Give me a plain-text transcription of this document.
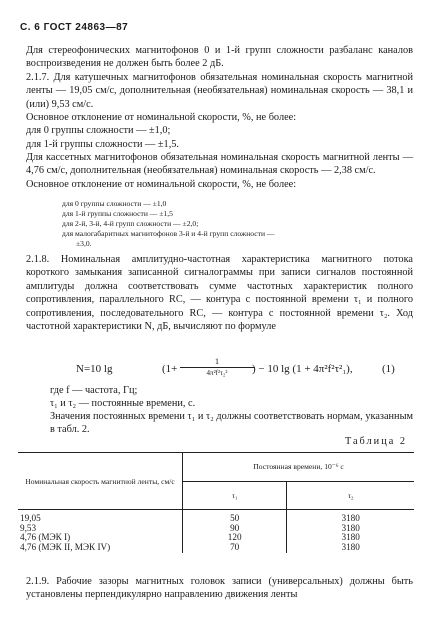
С. 6 ГОСТ 24863—87
Для стереофонических магнитофонов 0 и 1-й групп сложности разбаланс каналов воспроизведения не должен быть более 2 дБ.
2.1.7. Для катушечных магнитофонов обязательная номинальная скорость магнитной ленты — 19,05 см/с, дополнительная (необязательная) номинальная скорость — 38,1 и (или) 9,53 см/с.
Основное отклонение от номинальной скорости, %, не более:
для 0 группы сложности — ±1,0;
для 1-й группы сложности — ±1,5.
Для кассетных магнитофонов обязательная номинальная скорость магнитной ленты — 4,76 см/с, дополнительная (необязательная) номинальная скорость — 2,38 см/с.
Основное отклонение от номинальной скорости, %, не более:
для 0 группы сложности — ±1,0
для 1-й группы сложности — ±1,5
для 2-й, 3-й, 4-й групп сложности — ±2,0;
для малогабаритных магнитофонов 3-й и 4-й групп сложности —
±3,0.
2.1.8. Номинальная амплитудно-частотная характеристика магнитного потока короткого замыкания записанной сигналограммы при записи сигналов постоянной амплитуды должна соответствовать сумме частотных характеристик полного сопротивления, параллельного RC, — контура с постоянной времени τ₁ и полного сопротивления, последовательного RC, — контура с постоянной времени τ₂. Ход частотной характеристики N, дБ, вычисляют по формуле
N=10 lg	(1+
1
4π²f²τ₂²	) − 10 lg (1 + 4π²f²τ²₁),	(1)
где f — частота, Гц;
τ₁ и τ₂ — постоянные времени, с.
Значения постоянных времени τ₁ и τ₂ должны соответствовать нормам, указанным в табл. 2.
Таблица 2
Номинальная скорость магнитной ленты, см/с	Постоянная времени, 10⁻⁶ с	
	τ₁	τ₂

19,05	50	3180
9,53	90	3180
4,76 (МЭК I)	120	3180
4,76 (МЭК II, МЭК IV)	70	3180
2.1.9. Рабочие зазоры магнитных головок записи (универсальных) должны быть установлены перпендикулярно направлению движения ленты
